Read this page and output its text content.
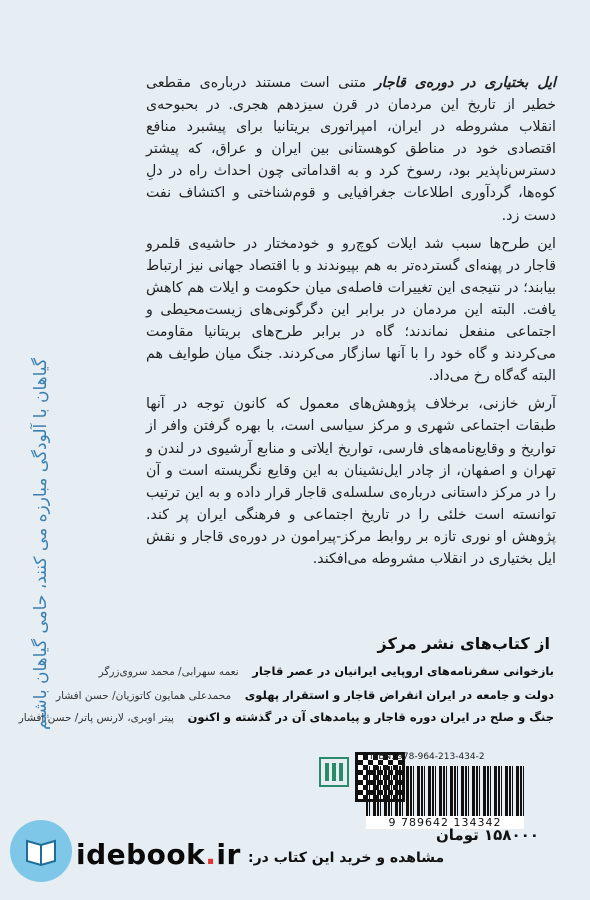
گیاهان با آلودگی مبارزه می کنند، حامی گیاهان باشیم

ایل بختیاری در دوره‌ی قاجار متنی است مستند درباره‌ی مقطعی خطیر از تاریخ این مردمان در قرن سیزدهم هجری. در بحبوحه‌ی انقلاب مشروطه در ایران، امپراتوری بریتانیا برای پیشبرد منافع اقتصادی خود در مناطق کوهستانی بین ایران و عراق، که پیشتر دسترس‌ناپذیر بود، رسوخ کرد و به اقداماتی چون احداث راه در دلِ کوه‌ها، گردآوری اطلاعات جغرافیایی و قوم‌شناختی و اکتشاف نفت دست زد.

این طرح‌ها سبب شد ایلات کوچ‌رو و خودمختار در حاشیه‌ی قلمرو قاجار در پهنه‌ای گسترده‌تر به هم بپیوندند و با اقتصاد جهانی نیز ارتباط بیابند؛ در نتیجه‌ی این تغییرات فاصله‌ی میان حکومت و ایلات هم کاهش یافت. البته این مردمان در برابر این دگرگونی‌های زیست‌محیطی و اجتماعی منفعل نماندند؛ گاه در برابر طرح‌های بریتانیا مقاومت می‌کردند و گاه خود را با آنها سازگار می‌کردند. جنگ میان طوایف هم البته گه‌گاه رخ می‌داد.

آرش خازنی، برخلاف پژوهش‌های معمول که کانون توجه در آنها طبقات اجتماعی شهری و مرکز سیاسی است، با بهره گرفتن وافر از تواریخ و وقایع‌نامه‌های فارسی، تواریخ ایلاتی و منابع آرشیوی در لندن و تهران و اصفهان، از چادر ایل‌نشینان به این وقایع نگریسته است و آن را در مرکز داستانی درباره‌ی سلسله‌ی قاجار قرار داده و به این ترتیب توانسته است خلئی را در تاریخ اجتماعی و فرهنگی ایران پر کند. پژوهش او نوری تازه بر روابط مرکز-پیرامون در دوره‌ی قاجار و نقش ایل بختیاری در انقلاب مشروطه می‌افکند.

از کتاب‌های نشر مرکز
بازخوانی سفرنامه‌های اروپایی ایرانیان در عصر قاجار نعمه سهرابی/ محمد سروی‌زرگر
دولت و جامعه در ایران انقراض قاجار و استقرار پهلوی محمدعلی همایون کاتوزیان/ حسن افشار
جنگ و صلح در ایران دوره قاجار و پیامدهای آن در گذشته و اکنون پیتر اوبری، لارنس پاتر/ حسن افشار
ISBN: 978-964-213-434-2
9 789642 134342
۱۵۸۰۰۰ تومان
idebook.ir مشاهده و خرید این کتاب در:
